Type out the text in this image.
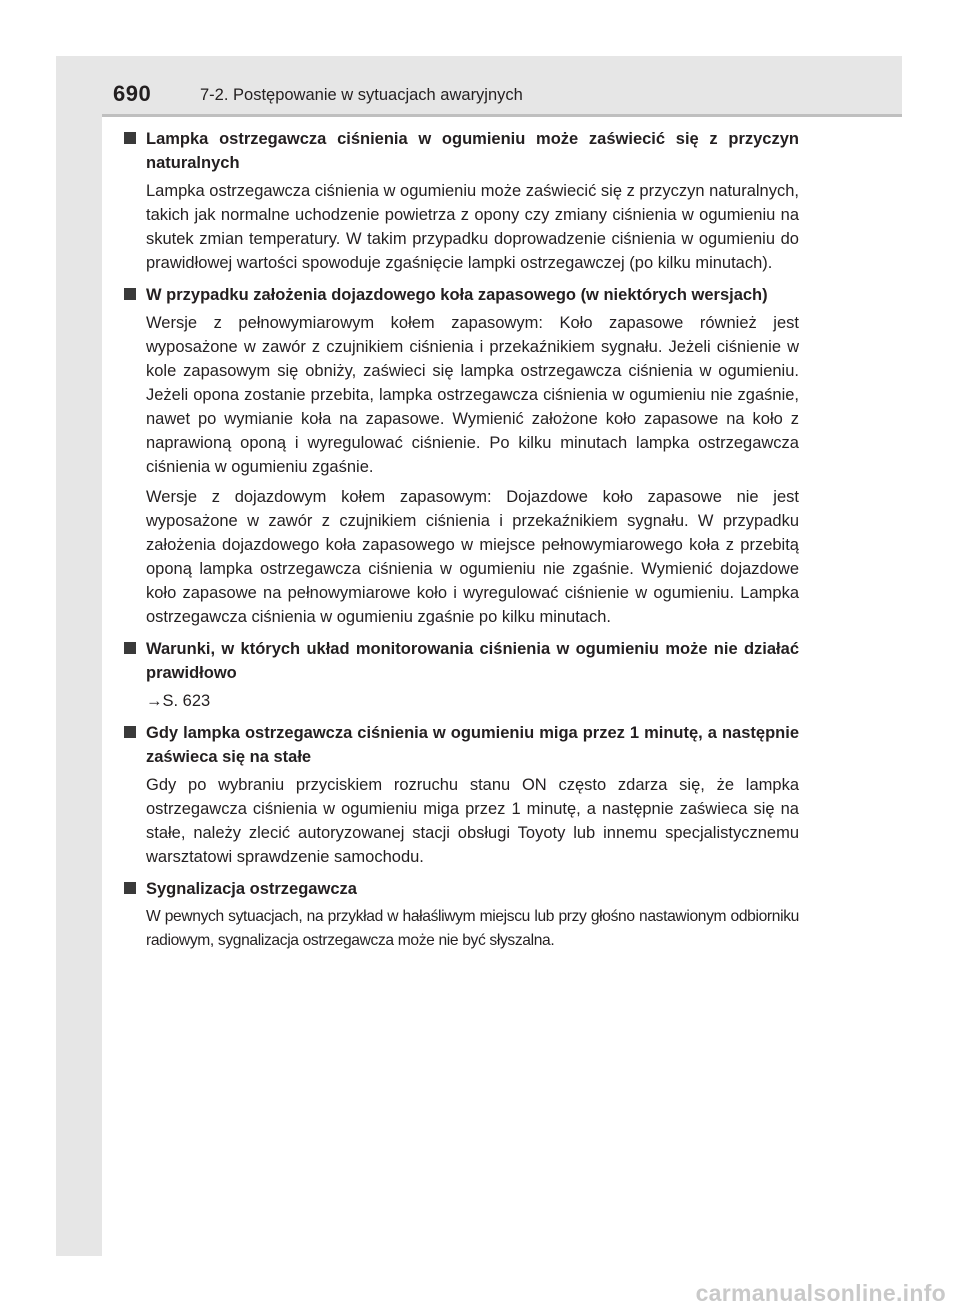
690	7-2. Postępowanie w sytuacjach awaryjnych
Lampka ostrzegawcza ciśnienia w ogumieniu może zaświecić się z przyczyn naturalnych

Lampka ostrzegawcza ciśnienia w ogumieniu może zaświecić się z przyczyn naturalnych, takich jak normalne uchodzenie powietrza z opony czy zmiany ciśnienia w ogumieniu na skutek zmian temperatury. W takim przypadku doprowadzenie ciśnienia w ogumieniu do prawidłowej wartości spowoduje zgaśnięcie lampki ostrzegawczej (po kilku minutach).

W przypadku założenia dojazdowego koła zapasowego (w niektórych wersjach)

Wersje z pełnowymiarowym kołem zapasowym: Koło zapasowe również jest wyposażone w zawór z czujnikiem ciśnienia i przekaźnikiem sygnału. Jeżeli ciśnienie w kole zapasowym się obniży, zaświeci się lampka ostrzegawcza ciśnienia w ogumieniu. Jeżeli opona zostanie przebita, lampka ostrzegawcza ciśnienia w ogumieniu nie zgaśnie, nawet po wymianie koła na zapasowe. Wymienić założone koło zapasowe na koło z naprawioną oponą i wyregulować ciśnienie. Po kilku minutach lampka ostrzegawcza ciśnienia w ogumieniu zgaśnie.

Wersje z dojazdowym kołem zapasowym: Dojazdowe koło zapasowe nie jest wyposażone w zawór z czujnikiem ciśnienia i przekaźnikiem sygnału. W przypadku założenia dojazdowego koła zapasowego w miejsce pełnowymiarowego koła z przebitą oponą lampka ostrzegawcza ciśnienia w ogumieniu nie zgaśnie. Wymienić dojazdowe koło zapasowe na pełnowymiarowe koło i wyregulować ciśnienie w ogumieniu. Lampka ostrzegawcza ciśnienia w ogumieniu zgaśnie po kilku minutach.

Warunki, w których układ monitorowania ciśnienia w ogumieniu może nie działać prawidłowo
→S. 623
Gdy lampka ostrzegawcza ciśnienia w ogumieniu miga przez 1 minutę, a następnie zaświeca się na stałe

Gdy po wybraniu przyciskiem rozruchu stanu ON często zdarza się, że lampka ostrzegawcza ciśnienia w ogumieniu miga przez 1 minutę, a następnie zaświeca się na stałe, należy zlecić autoryzowanej stacji obsługi Toyoty lub innemu specjalistycznemu warsztatowi sprawdzenie samochodu.

Sygnalizacja ostrzegawcza

W pewnych sytuacjach, na przykład w hałaśliwym miejscu lub przy głośno nastawionym odbiorniku radiowym, sygnalizacja ostrzegawcza może nie być słyszalna.

carmanualsonline.info
